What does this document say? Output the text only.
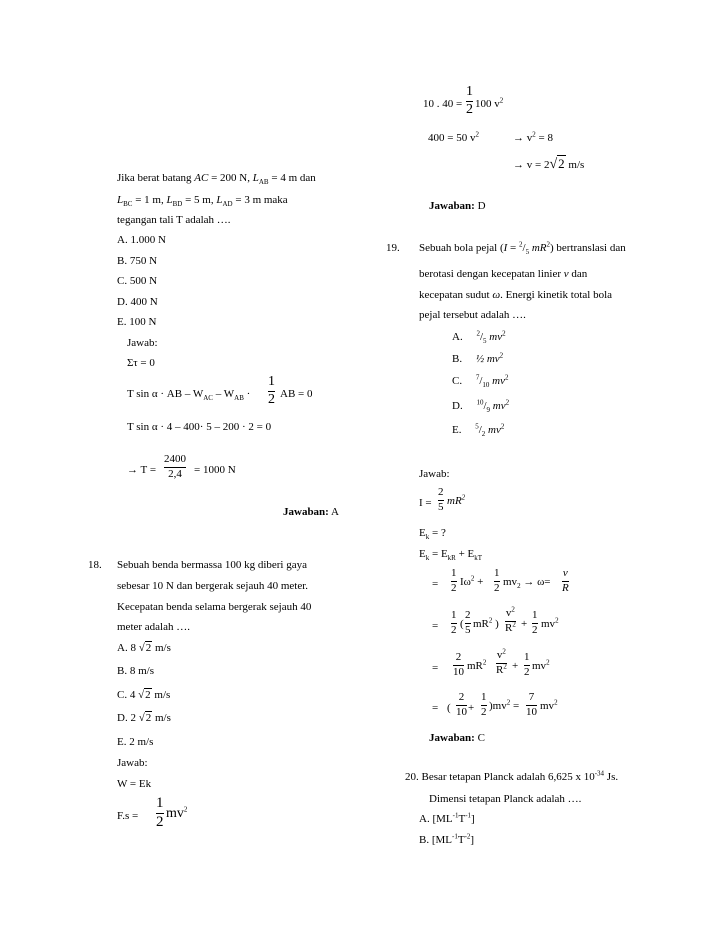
Jika berat batang AC = 200 N, $L_{AB} = 4$ m dan
$L_{BC} = 1$ m, $L_{BD} = 5$ m, $L_{AD} = 3$ m maka
tegangan tali T adalah ….
A. 1.000 N
B. 750 N
C. 500 N
D. 400 N
E. 100 N
Jawab:
Στ = 0
T sin α · AB – $W_{AC} - W_{AB}$ ·
1
2 AB = 0
T sin α · 4 – 400· 5 – 200 · 2 = 0
→ T =
2400
2,4	= 1000 N
Jawaban: A
18. Sebuah benda bermassa 100 kg diberi gaya
sebesar 10 N dan bergerak sejauh 40 meter.
Kecepatan benda selama bergerak sejauh 40
meter adalah ….
A. 8 √2 m/s
B. 8 m/s
C. 4 √2 m/s
D. 2 √2 m/s
E. 2 m/s
Jawab:
W = Ek
F.s =
1
2
$mv^2$
10 . 40 =
1
2 100 $v^2$
400 = 50 $v^2$	→ $v^2 = 8$
→ v = 2√2 m/s
Jawaban: D
19. Sebuah bola pejal ($I = ^2/_5$ $mR^2$) bertranslasi dan
berotasi dengan kecepatan linier v dan
kecepatan sudut ω. Energi kinetik total bola
pejal tersebut adalah ….
A. $^2/_5$ $mv^2$
B. ½ $mv^2$
C. $^7/_{10}$ $mv^2$
D. $^{10}/_9$ $mv^2$
E. $^5/_2$ $mv^2$
Jawab:
I =
2
5 $mR^2$
$E_k$ = ?
$E_k = E_{kR} + E_{kT}$
=
1
2 $I\omega^2$ +
1
2 $mv_2 \to \omega=$
v
R
=
1
2 (
2
5 $mR^2$ )
$v^2$
$R^2$ +
1
2 $mv^2$
=
2
10 $mR^2$
$v^2$
$R^2$ +
1
2 $mv^2$
= (
2
10 +
1
2 )$mv^2$ =
7
10 $mv^2$
Jawaban: C
20. Besar tetapan Planck adalah 6,625 x $10^{-34}$ Js.
Dimensi tetapan Planck adalah ….
A. $[ML^{-1}T^{-1}]$
B. $[ML^{-1}T^{-2}]$
